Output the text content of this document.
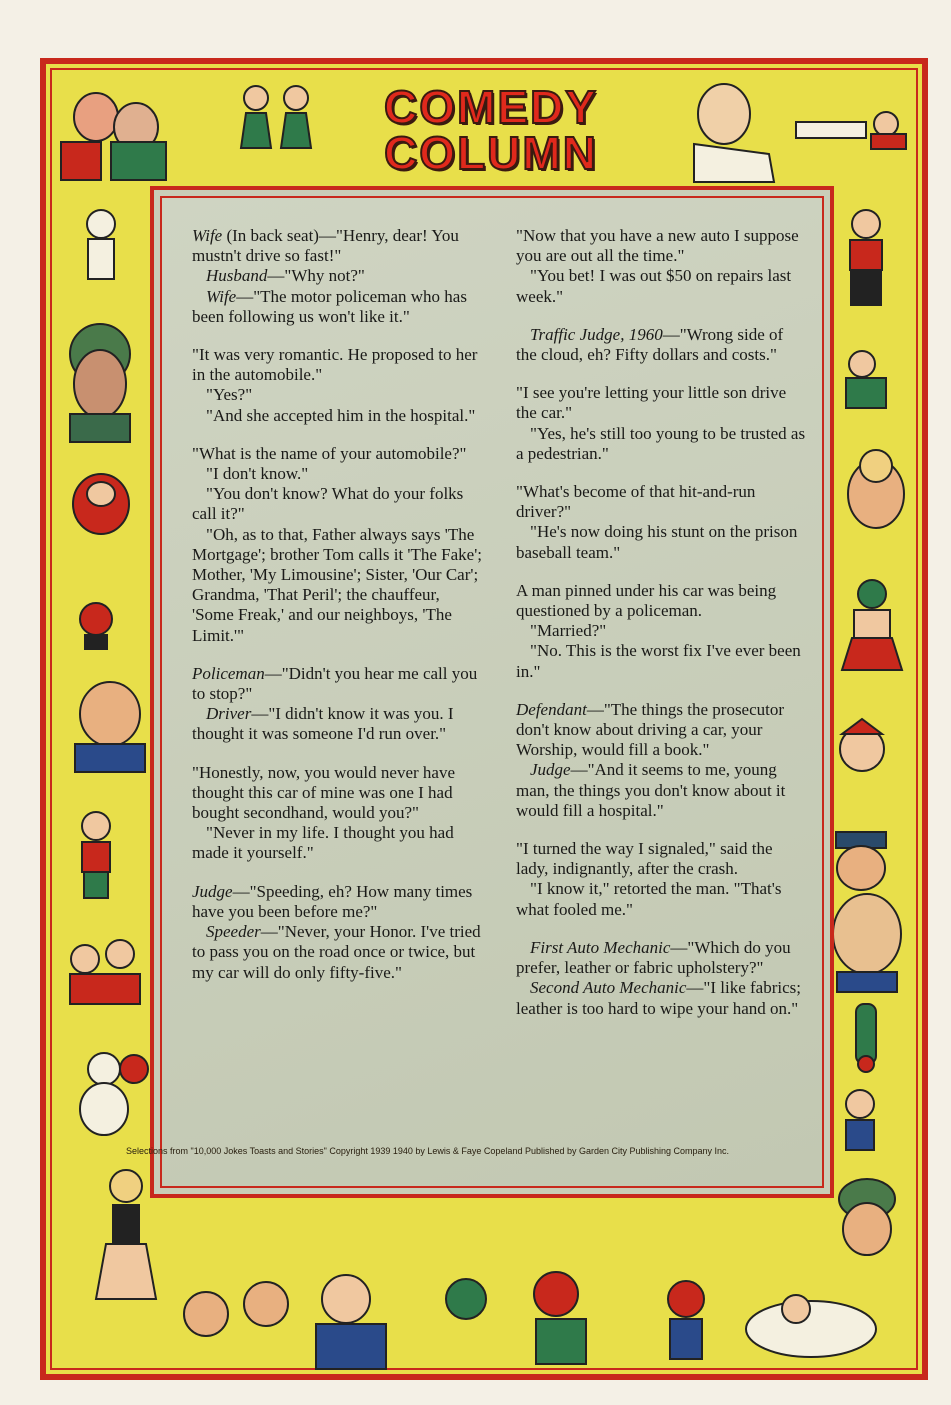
COMEDY
COLUMN

Wife (In back seat)—"Henry, dear! You mustn't drive so fast!"

Husband—"Why not?"

Wife—"The motor policeman who has been following us won't like it."

"It was very romantic. He proposed to her in the automobile."

"Yes?"

"And she accepted him in the hospital."

"What is the name of your automobile?"

"I don't know."

"You don't know? What do your folks call it?"

"Oh, as to that, Father always says 'The Mortgage'; brother Tom calls it 'The Fake'; Mother, 'My Limousine'; Sister, 'Our Car'; Grandma, 'That Peril'; the chauffeur, 'Some Freak,' and our neighboys, 'The Limit.'"

Policeman—"Didn't you hear me call you to stop?"

Driver—"I didn't know it was you. I thought it was someone I'd run over."

"Honestly, now, you would never have thought this car of mine was one I had bought secondhand, would you?"

"Never in my life. I thought you had made it yourself."

Judge—"Speeding, eh? How many times have you been before me?"

Speeder—"Never, your Honor. I've tried to pass you on the road once or twice, but my car will do only fifty-five."

"Now that you have a new auto I suppose you are out all the time."

"You bet! I was out $50 on repairs last week."

Traffic Judge, 1960—"Wrong side of the cloud, eh? Fifty dollars and costs."

"I see you're letting your little son drive the car."

"Yes, he's still too young to be trusted as a pedestrian."

"What's become of that hit-and-run driver?"

"He's now doing his stunt on the prison baseball team."

A man pinned under his car was being questioned by a policeman.

"Married?"

"No. This is the worst fix I've ever been in."

Defendant—"The things the prosecutor don't know about driving a car, your Worship, would fill a book."

Judge—"And it seems to me, young man, the things you don't know about it would fill a hospital."

"I turned the way I signaled," said the lady, indignantly, after the crash.

"I know it," retorted the man. "That's what fooled me."

First Auto Mechanic—"Which do you prefer, leather or fabric upholstery?"

Second Auto Mechanic—"I like fabrics; leather is too hard to wipe your hand on."

Selections from "10,000 Jokes Toasts and Stories" Copyright 1939 1940 by Lewis & Faye Copeland Published by Garden City Publishing Company Inc.
